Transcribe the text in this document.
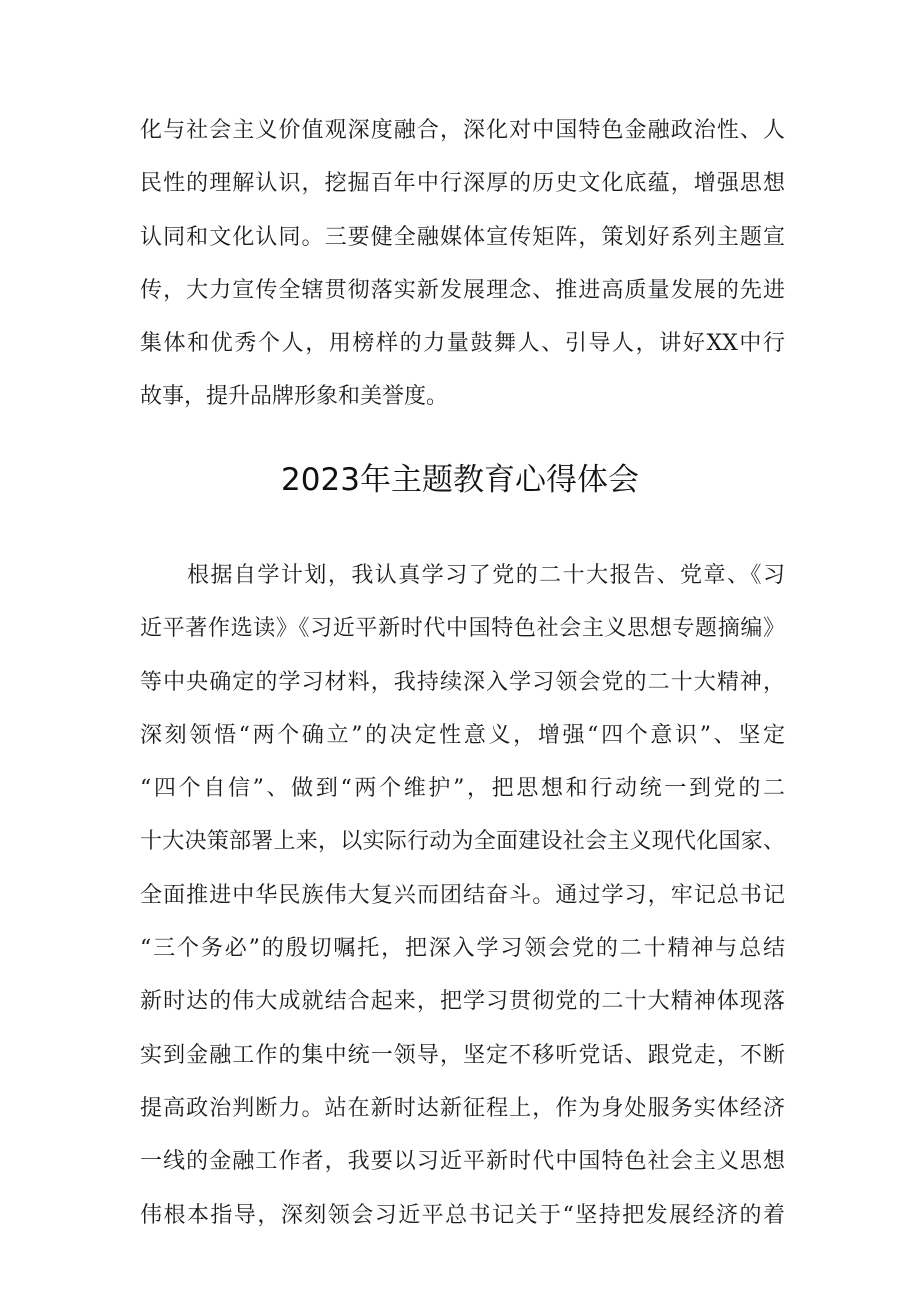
化与社会主义价值观深度融合，深化对中国特色金融政治性、人
民性的理解认识，挖掘百年中行深厚的历史文化底蕴，增强思想
认同和文化认同。三要健全融媒体宣传矩阵，策划好系列主题宣
传，大力宣传全辖贯彻落实新发展理念、推进高质量发展的先进
集体和优秀个人，用榜样的力量鼓舞人、引导人，讲好XX中行
故事，提升品牌形象和美誉度。
2023年主题教育心得体会
　　根据自学计划，我认真学习了党的二十大报告、党章、《习
近平著作选读》《习近平新时代中国特色社会主义思想专题摘编》
等中央确定的学习材料，我持续深入学习领会党的二十大精神，
深刻领悟“两个确立”的决定性意义，增强“四个意识”、坚定
“四个自信”、做到“两个维护”，把思想和行动统一到党的二
十大决策部署上来，以实际行动为全面建设社会主义现代化国家、
全面推进中华民族伟大复兴而团结奋斗。通过学习，牢记总书记
“三个务必”的殷切嘱托，把深入学习领会党的二十精神与总结
新时达的伟大成就结合起来，把学习贯彻党的二十大精神体现落
实到金融工作的集中统一领导，坚定不移听党话、跟党走，不断
提高政治判断力。站在新时达新征程上，作为身处服务实体经济
一线的金融工作者，我要以习近平新时代中国特色社会主义思想
伟根本指导，深刻领会习近平总书记关于“坚持把发展经济的着
